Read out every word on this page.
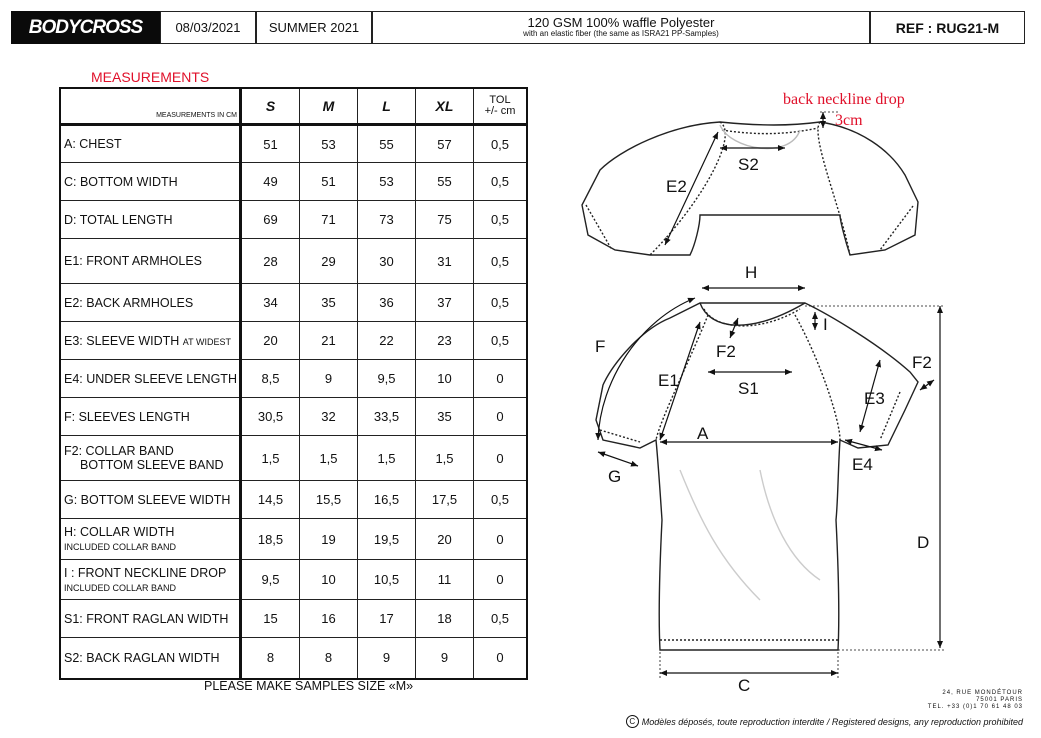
BODYCROSS	08/03/2021 SUMMER 2021	120 GSM 100% waffle Polyester
with an elastic fiber (the same as ISRA21 PP-Samples)	REF : RUG21-M
MEASUREMENTS
MEASUREMENTS IN CM	S	M	L	XL	TOL
+/- cm
A: CHEST	51	53	55	57	0,5
C: BOTTOM WIDTH	49	51	53	55	0,5
D: TOTAL LENGTH	69	71	73	75	0,5
E1: FRONT ARMHOLES	28	29	30	31	0,5
E2: BACK ARMHOLES	34	35	36	37	0,5
E3: SLEEVE WIDTH AT WIDEST	20	21	22	23	0,5
E4: UNDER SLEEVE LENGTH	8,5	9	9,5	10	0
F: SLEEVES LENGTH	30,5	32	33,5	35	0
F2: COLLAR BAND
BOTTOM SLEEVE BAND	1,5	1,5	1,5	1,5	0
G: BOTTOM SLEEVE WIDTH	14,5	15,5	16,5	17,5	0,5
H: COLLAR WIDTH
INCLUDED COLLAR BAND	18,5	19	19,5	20	0
I : FRONT NECKLINE DROP
INCLUDED COLLAR BAND	9,5	10	10,5	11	0
S1: FRONT RAGLAN WIDTH	15	16	17	18	0,5
S2: BACK RAGLAN WIDTH	8	8	9	9	0
PLEASE MAKE SAMPLES SIZE «M»
back neckline drop
3cm
S2
E2
H
I
F	F2
F2
E1	S1
E3
A
E4
G
D
C	24, RUE MONDÉTOUR
75001 PARIS
TEL. +33 (0)1 70 61 48 03
C Modèles déposés, toute reproduction interdite / Registered designs, any reproduction prohibited
